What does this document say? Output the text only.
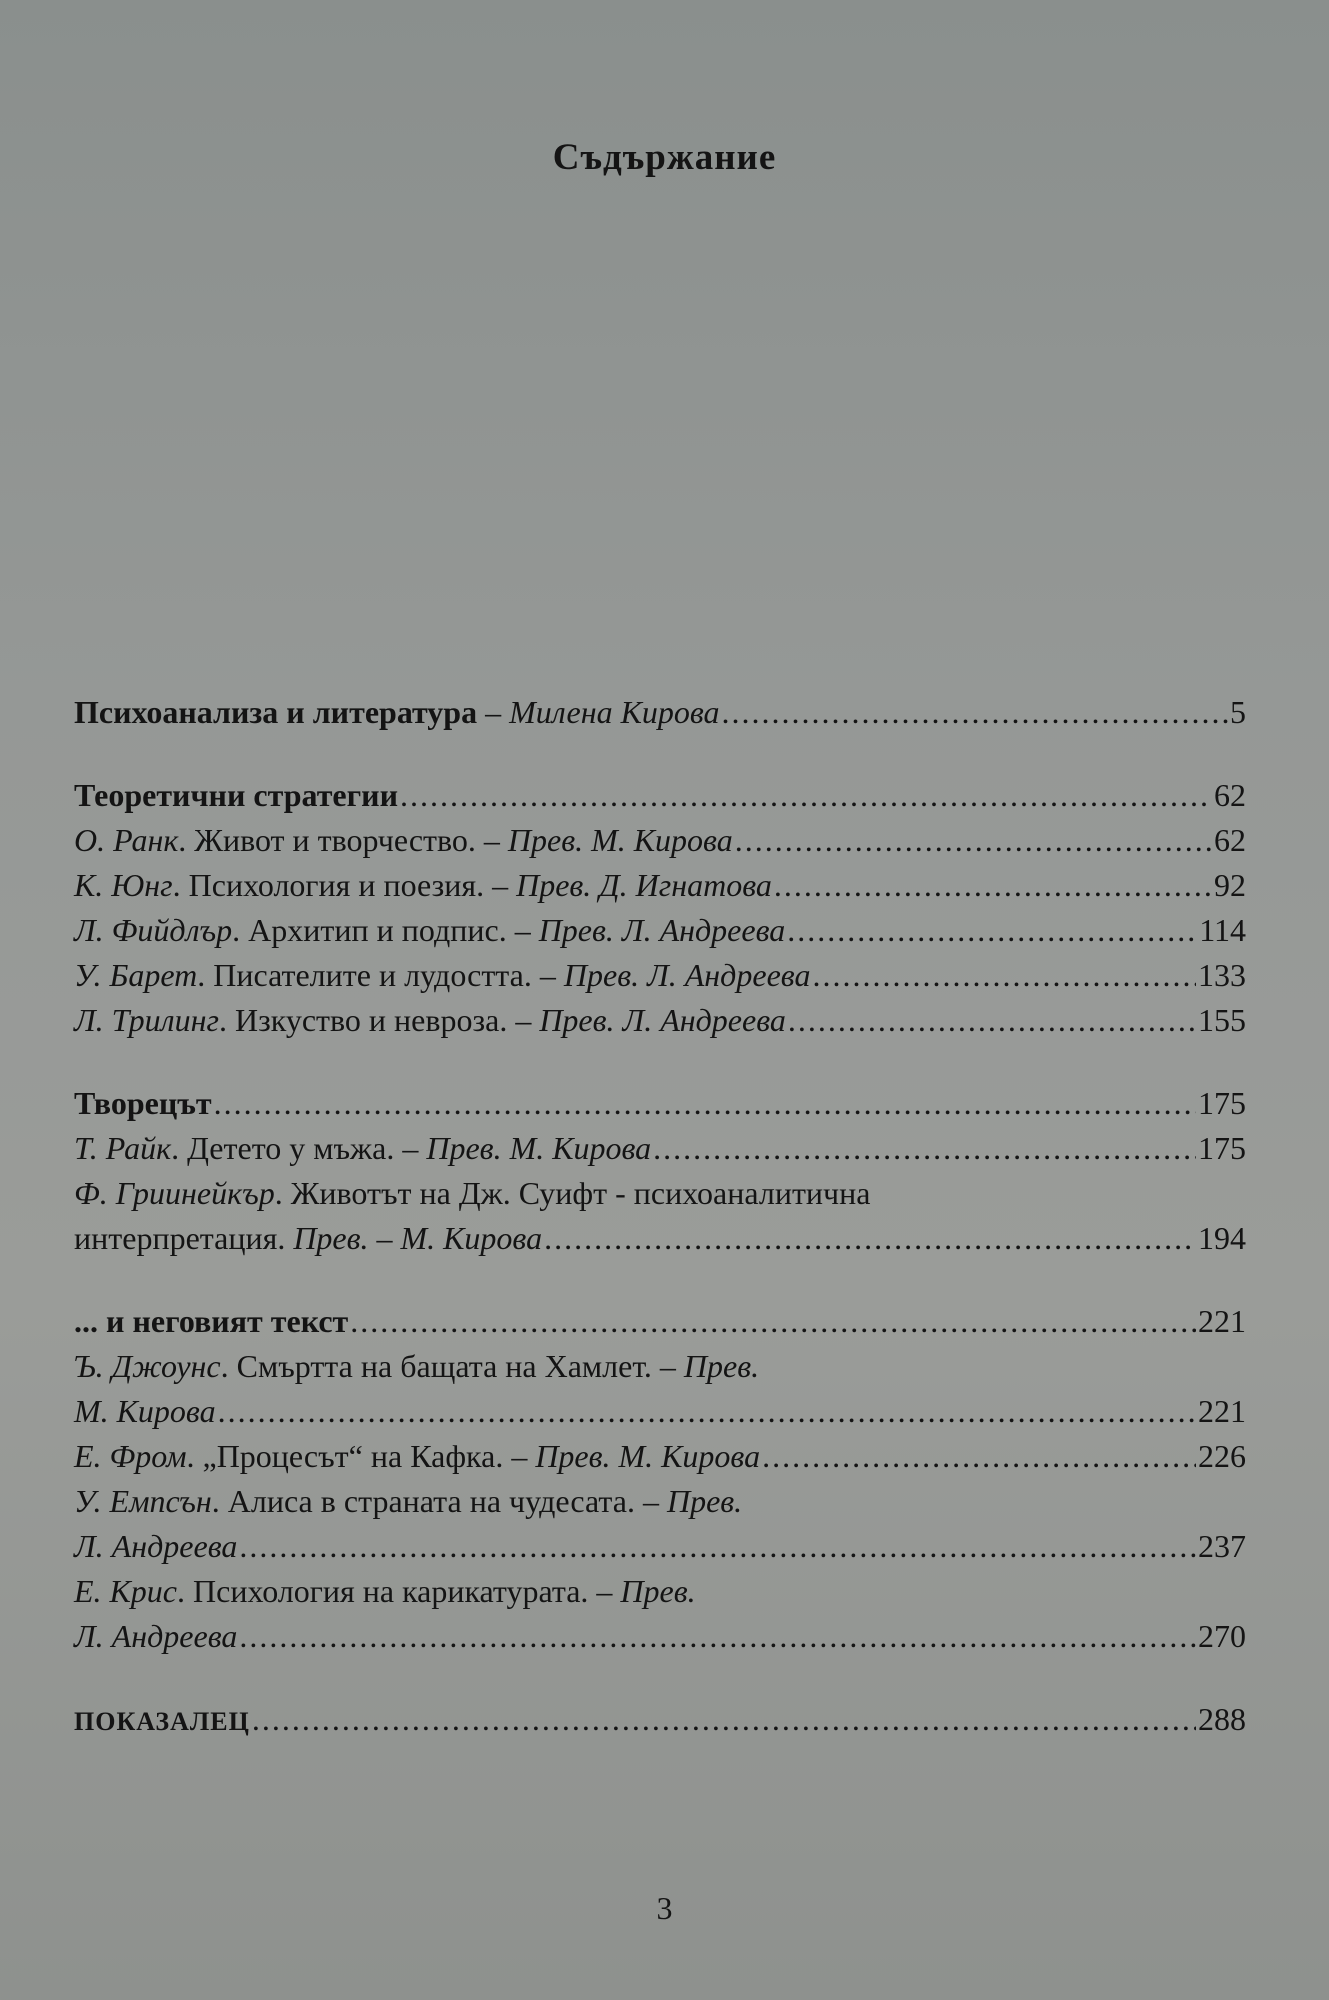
Съдържание
Психоанализа и литература – Милена Кирова .....	5
Теоретични стратегии .....	62
О. Ранк. Живот и творчество. – Прев. М. Кирова .....	62
К. Юнг. Психология и поезия. – Прев. Д. Игнатова .....	92
Л. Фийдлър. Архитип и подпис. – Прев. Л. Андреева .....	114
У. Барет. Писателите и лудостта. – Прев. Л. Андреева .....	133
Л. Трилинг. Изкуство и невроза. – Прев. Л. Андреева .....	155
Творецът .....	175
Т. Райк. Детето у мъжа. – Прев. М. Кирова .....	175
Ф. Гриинейкър. Животът на Дж. Суифт - психоаналитична
интерпретация. Прев. – М. Кирова .....	194
... и неговият текст .....	221
Ъ. Джоунс. Смъртта на бащата на Хамлет. – Прев.
М. Кирова .....	221
Е. Фром. „Процесът“ на Кафка. – Прев. М. Кирова .....	226
У. Емпсън. Алиса в страната на чудесата. – Прев.
Л. Андреева .....	237
Е. Крис. Психология на карикатурата. – Прев.
Л. Андреева .....	270
ПОКАЗАЛЕЦ .....	288
3
